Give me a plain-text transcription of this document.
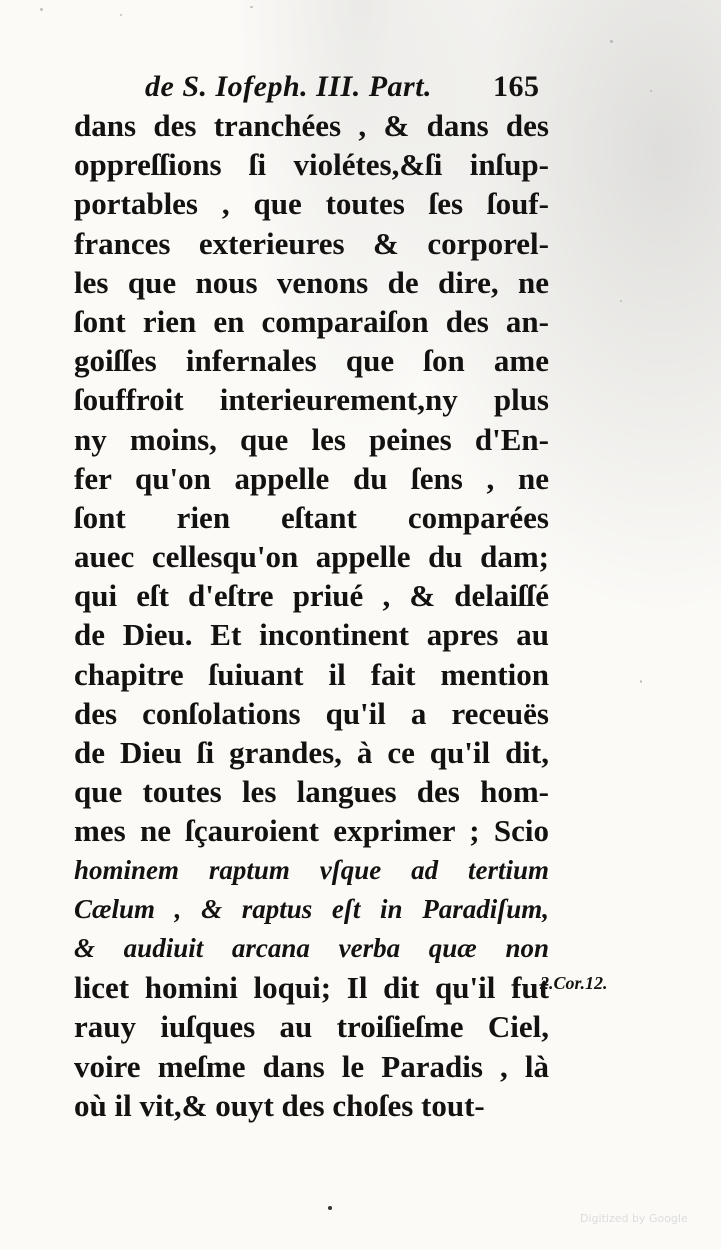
de S. Iofeph. III. Part. 165
dans des tranchées , & dans des
oppreſſions ſi violétes,&ſi inſup-
portables , que toutes ſes ſouf-
frances exterieures & corporel-
les que nous venons de dire, ne
ſont rien en comparaiſon des an-
goiſſes infernales que ſon ame
ſouffroit interieurement,ny plus
ny moins, que les peines d'En-
fer qu'on appelle du ſens , ne
ſont rien eſtant comparées
auec cellesqu'on appelle du dam;
qui eſt d'eſtre priué , & delaiſſé
de Dieu. Et incontinent apres au
chapitre ſuiuant il fait mention
des conſolations qu'il a receuës
de Dieu ſi grandes, à ce qu'il dit,
que toutes les langues des hom-
mes ne ſçauroient exprimer ; Scio
hominem raptum vſque ad tertium
Cælum , & raptus eſt in Paradiſum,
& audiuit arcana verba quæ non
licet homini loqui; Il dit qu'il fut
rauy iuſques au troiſieſme Ciel,
voire meſme dans le Paradis , là
où il vit,& ouyt des choſes tout-
2.Cor.12.
Digitized by Google
